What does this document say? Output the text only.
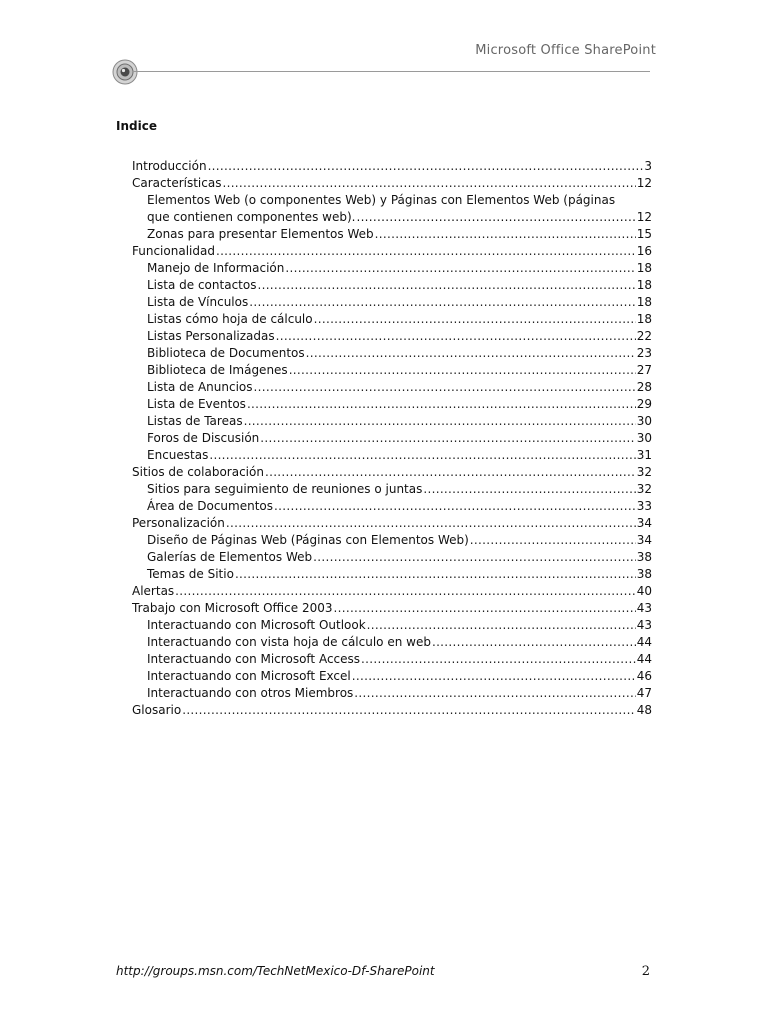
Microsoft Office SharePoint
Indice
Introducción .....	3
Características .....	12
Elementos Web (o componentes Web) y Páginas con Elementos Web (páginas
que contienen componentes web). .....	12
Zonas para presentar Elementos Web .....	15
Funcionalidad .....	16
Manejo de Información .....	18
Lista de contactos .....	18
Lista de Vínculos .....	18
Listas cómo hoja de cálculo .....	18
Listas Personalizadas .....	22
Biblioteca de Documentos .....	23
Biblioteca de Imágenes .....	27
Lista de Anuncios .....	28
Lista de Eventos .....	29
Listas de Tareas .....	30
Foros de Discusión .....	30
Encuestas .....	31
Sitios de colaboración .....	32
Sitios para seguimiento de reuniones o juntas .....	32
Área de Documentos .....	33
Personalización .....	34
Diseño de Páginas Web (Páginas con Elementos Web) .....	34
Galerías de Elementos Web .....	38
Temas de Sitio .....	38
Alertas .....	40
Trabajo con Microsoft Office 2003 .....	43
Interactuando con Microsoft Outlook .....	43
Interactuando con vista hoja de cálculo en web .....	44
Interactuando con Microsoft Access .....	44
Interactuando con Microsoft Excel .....	46
Interactuando con otros Miembros .....	47
Glosario .....	48
http://groups.msn.com/TechNetMexico-Df-SharePoint	2
